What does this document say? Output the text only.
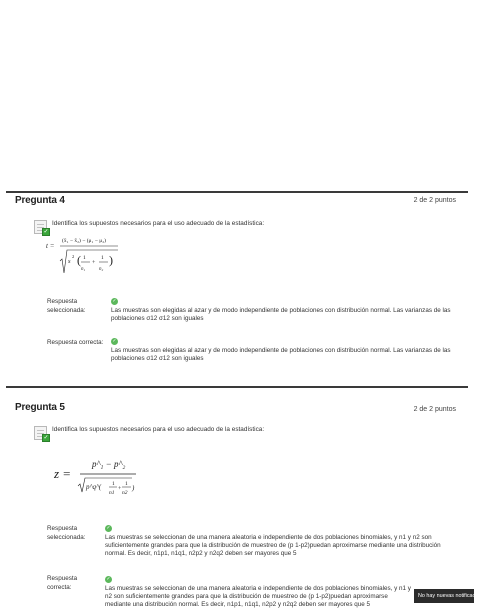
Pregunta 4	2 de 2 puntos
✓
Identifica los supuestos necesarios para el uso adecuado de la estadística:
t =
(x̄₁ − x̄₂) − (μ₁ − μ₂)
s
2 ( 1
n₁
+
1
n₂
)
Respuesta seleccionada:
✓
Las muestras son elegidas al azar y de modo independiente de poblaciones con distribución normal. Las varianzas de las poblaciones σ12 σ12 son iguales
Respuesta correcta:	✓
Las muestras son elegidas al azar y de modo independiente de poblaciones con distribución normal. Las varianzas de las poblaciones σ12 σ12 son iguales
Pregunta 5	2 de 2 puntos
✓
Identifica los supuestos necesarios para el uso adecuado de la estadística:
z =
p^₁ − p^₂
p^q^( 1
n1
+
1
n2
)
Respuesta seleccionada:
✓
Las muestras se seleccionan de una manera aleatoria e independiente de dos poblaciones binomiales, y n1 y n2 son suficientemente grandes para que la distribución de muestreo de (p 1-p2)puedan aproximarse mediante una distribución normal. Es decir, n1p1, n1q1, n2p2 y n2q2 deben ser mayores que 5
Respuesta correcta:
✓
Las muestras se seleccionan de una manera aleatoria e independiente de dos poblaciones binomiales, y n1 y n2 son suficientemente grandes para que la distribución de muestreo de (p 1-p2)puedan aproximarse mediante una distribución normal. Es decir, n1p1, n1q1, n2p2 y n2q2 deben ser mayores que 5
No hay nuevas notificaciones
